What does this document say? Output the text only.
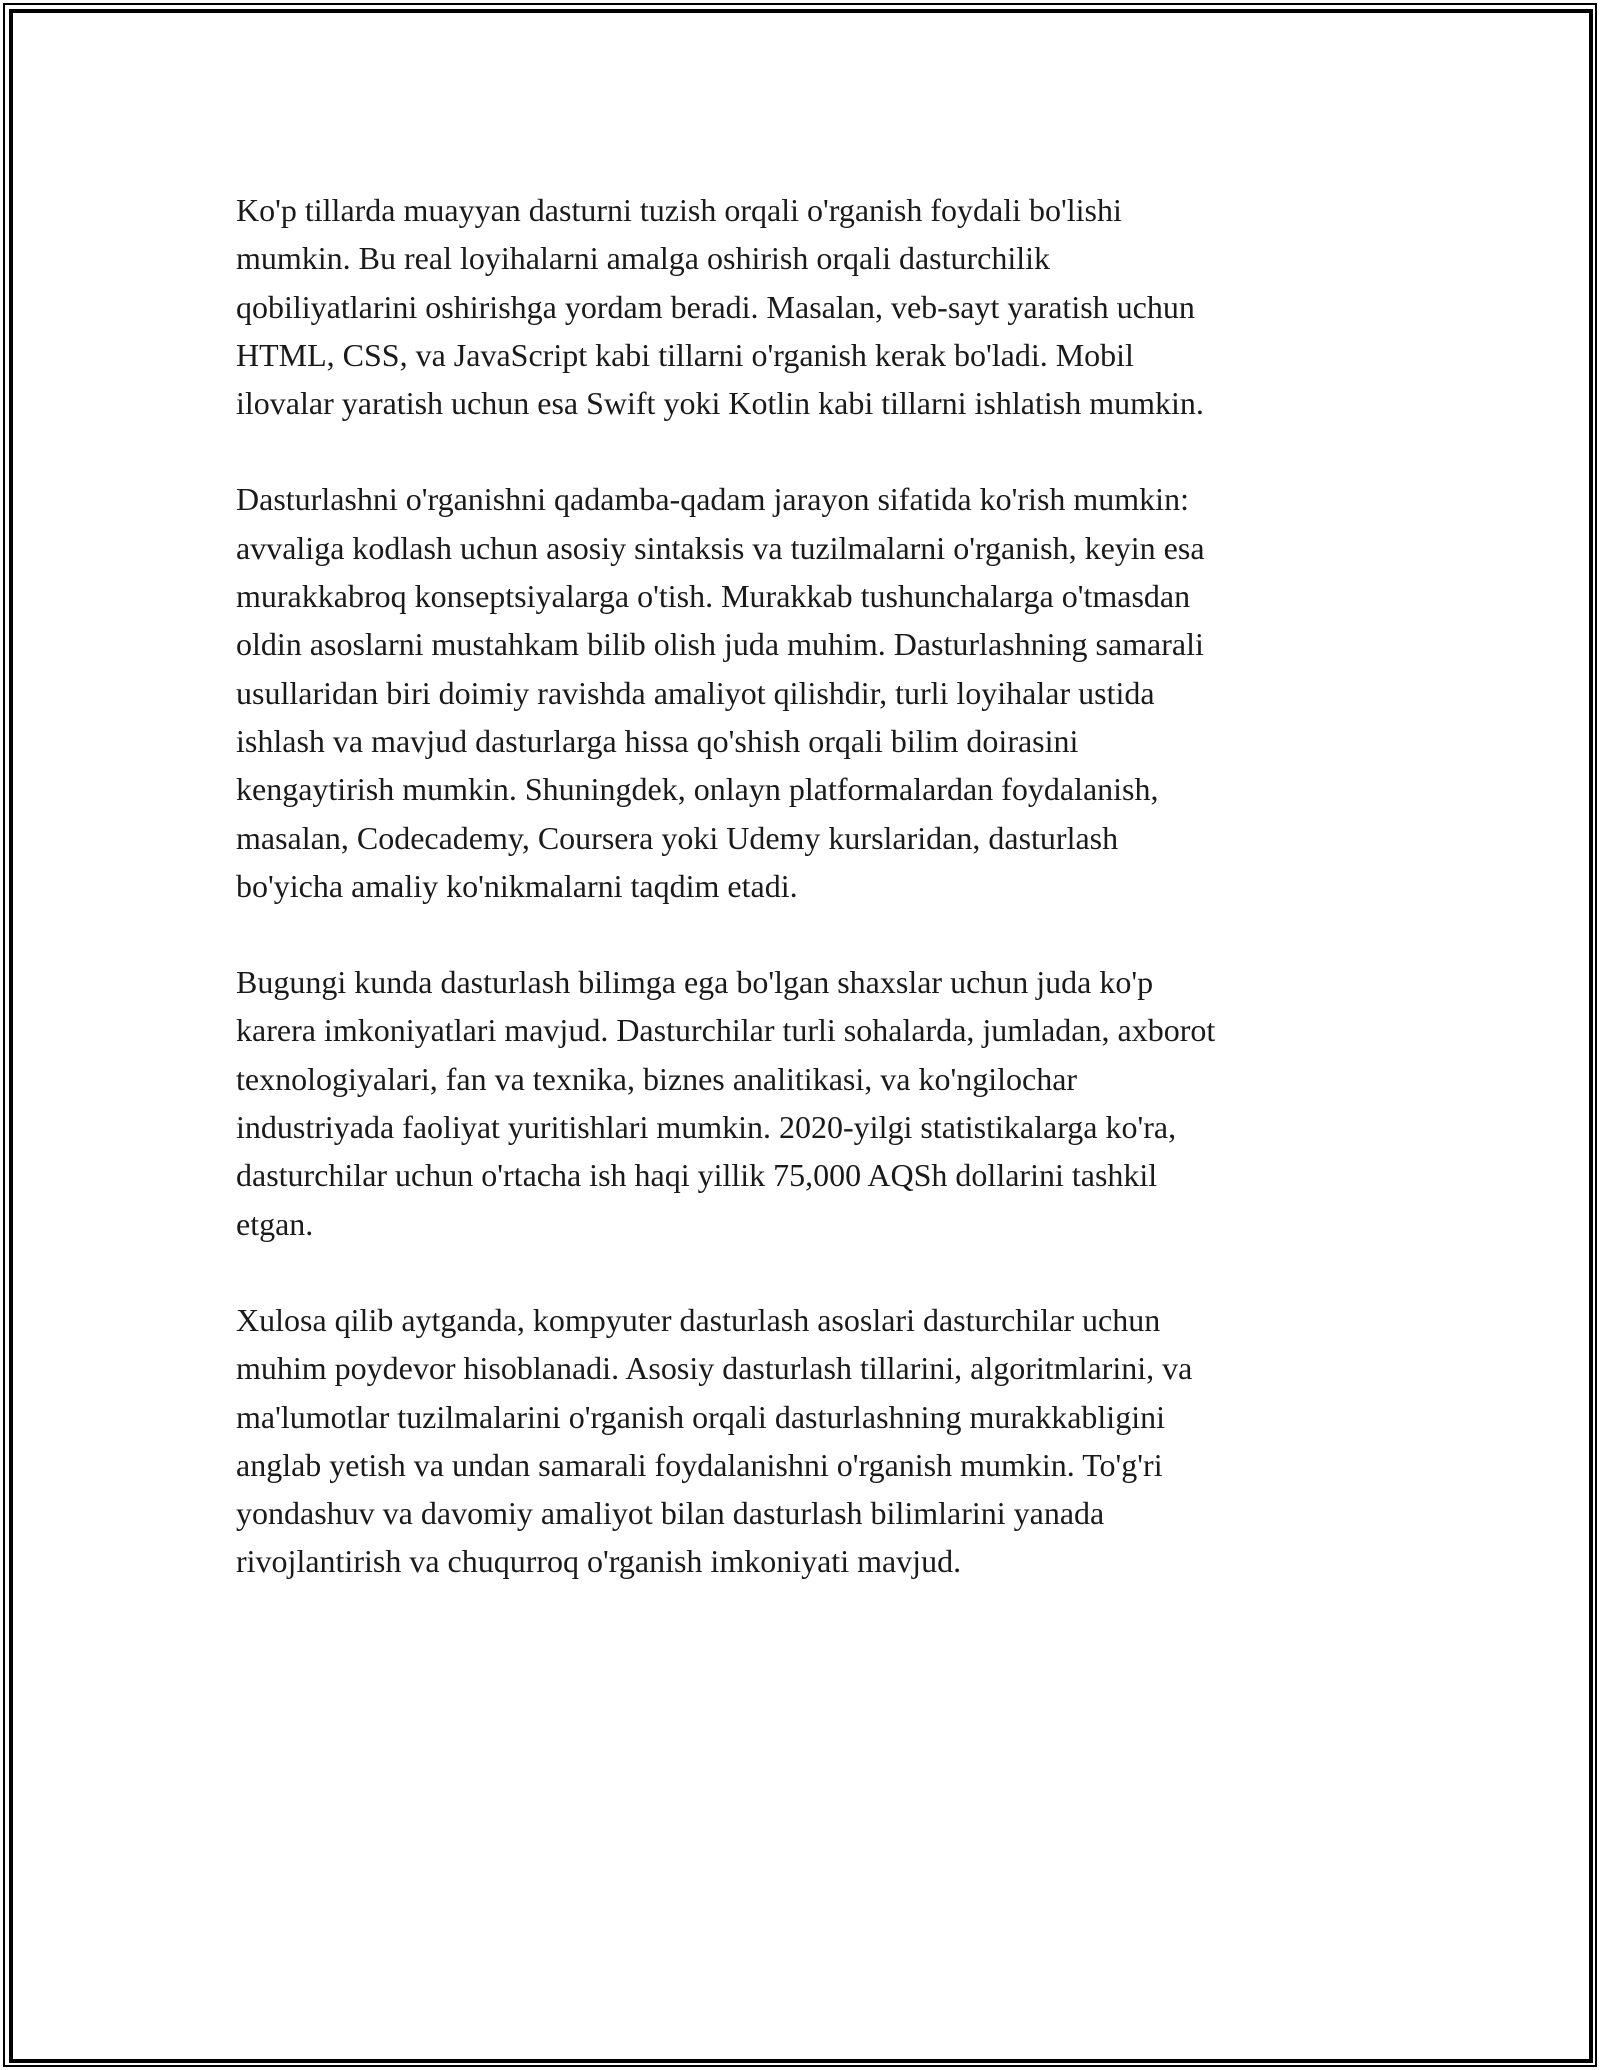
Ko'p tillarda muayyan dasturni tuzish orqali o'rganish foydali bo'lishi
mumkin. Bu real loyihalarni amalga oshirish orqali dasturchilik
qobiliyatlarini oshirishga yordam beradi. Masalan, veb-sayt yaratish uchun
HTML, CSS, va JavaScript kabi tillarni o'rganish kerak bo'ladi. Mobil
ilovalar yaratish uchun esa Swift yoki Kotlin kabi tillarni ishlatish mumkin.

Dasturlashni o'rganishni qadamba-qadam jarayon sifatida ko'rish mumkin:
avvaliga kodlash uchun asosiy sintaksis va tuzilmalarni o'rganish, keyin esa
murakkabroq konseptsiyalarga o'tish. Murakkab tushunchalarga o'tmasdan
oldin asoslarni mustahkam bilib olish juda muhim. Dasturlashning samarali
usullaridan biri doimiy ravishda amaliyot qilishdir, turli loyihalar ustida
ishlash va mavjud dasturlarga hissa qo'shish orqali bilim doirasini
kengaytirish mumkin. Shuningdek, onlayn platformalardan foydalanish,
masalan, Codecademy, Coursera yoki Udemy kurslaridan, dasturlash
bo'yicha amaliy ko'nikmalarni taqdim etadi.

Bugungi kunda dasturlash bilimga ega bo'lgan shaxslar uchun juda ko'p
karera imkoniyatlari mavjud. Dasturchilar turli sohalarda, jumladan, axborot
texnologiyalari, fan va texnika, biznes analitikasi, va ko'ngilochar
industriyada faoliyat yuritishlari mumkin. 2020-yilgi statistikalarga ko'ra,
dasturchilar uchun o'rtacha ish haqi yillik 75,000 AQSh dollarini tashkil
etgan.

Xulosa qilib aytganda, kompyuter dasturlash asoslari dasturchilar uchun
muhim poydevor hisoblanadi. Asosiy dasturlash tillarini, algoritmlarini, va
ma'lumotlar tuzilmalarini o'rganish orqali dasturlashning murakkabligini
anglab yetish va undan samarali foydalanishni o'rganish mumkin. To'g'ri
yondashuv va davomiy amaliyot bilan dasturlash bilimlarini yanada
rivojlantirish va chuqurroq o'rganish imkoniyati mavjud.
